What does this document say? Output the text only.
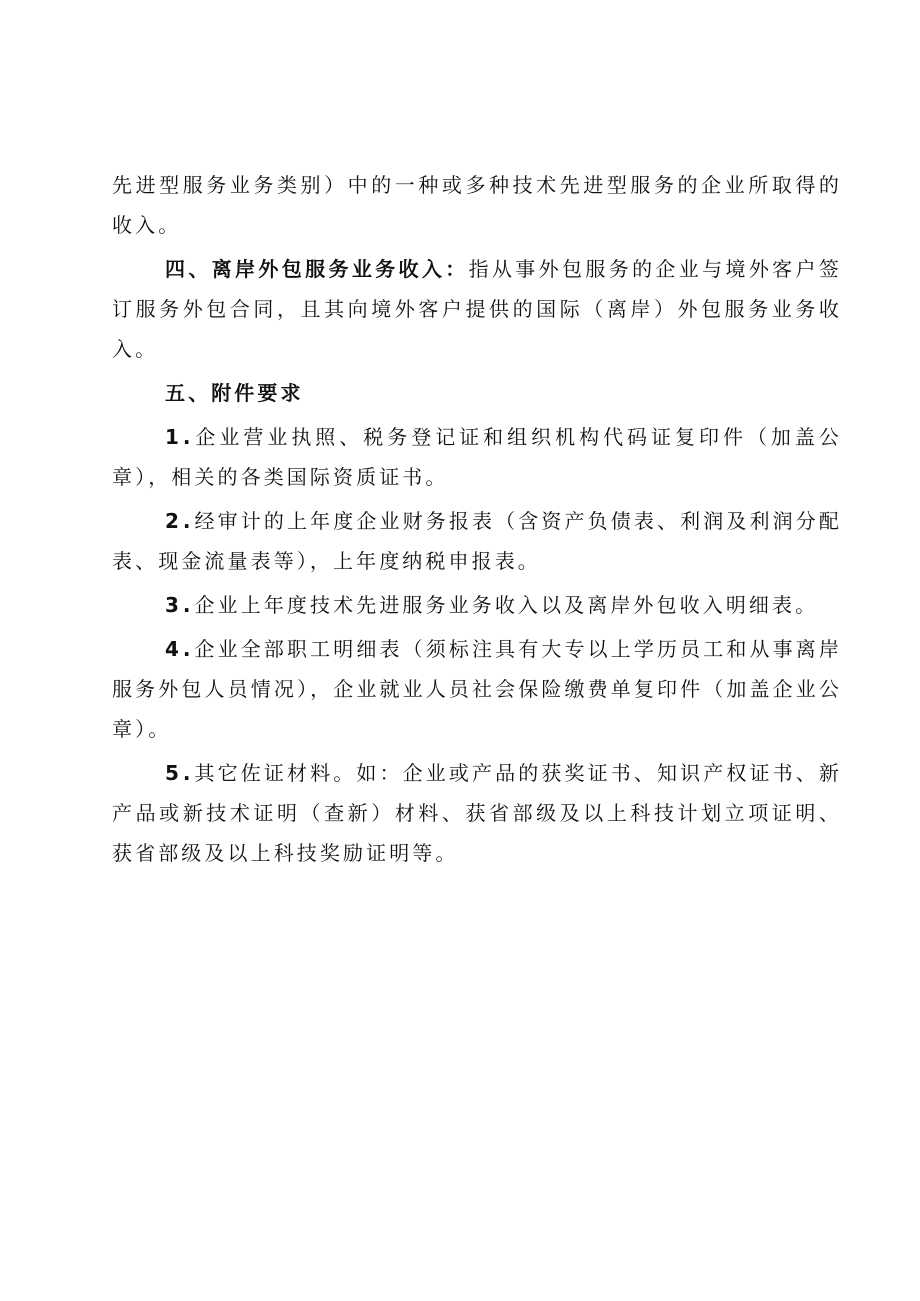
先进型服务业务类别）中的一种或多种技术先进型服务的企业所取得的收入。

四、离岸外包服务业务收入：指从事外包服务的企业与境外客户签订服务外包合同，且其向境外客户提供的国际（离岸）外包服务业务收入。

五、附件要求

1.企业营业执照、税务登记证和组织机构代码证复印件（加盖公章），相关的各类国际资质证书。

2.经审计的上年度企业财务报表（含资产负债表、利润及利润分配表、现金流量表等），上年度纳税申报表。

3.企业上年度技术先进服务业务收入以及离岸外包收入明细表。

4.企业全部职工明细表（须标注具有大专以上学历员工和从事离岸服务外包人员情况），企业就业人员社会保险缴费单复印件（加盖企业公章）。

5.其它佐证材料。如：企业或产品的获奖证书、知识产权证书、新产品或新技术证明（查新）材料、获省部级及以上科技计划立项证明、获省部级及以上科技奖励证明等。
